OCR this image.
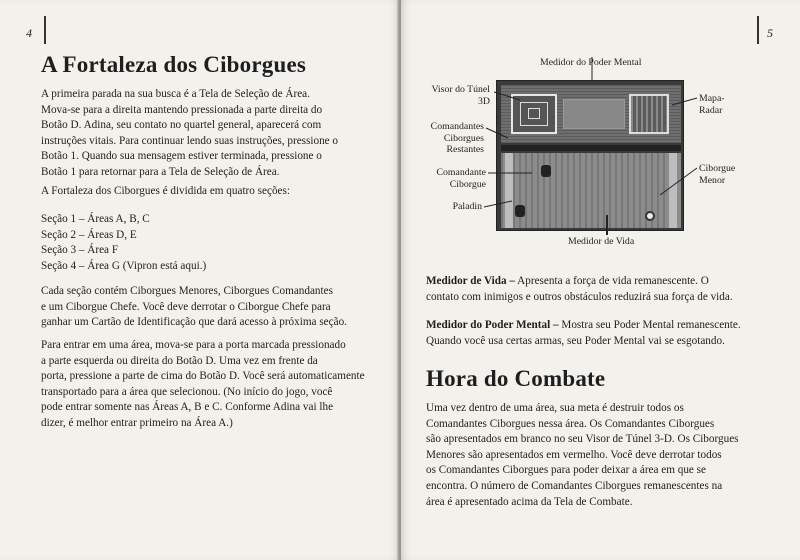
4
A Fortaleza dos Ciborgues

A primeira parada na sua busca é a Tela de Seleção de Área.

Mova-se para a direita mantendo pressionada a parte direita do

Botão D. Adina, seu contato no quartel general, aparecerá com

instruções vitais. Para continuar lendo suas instruções, pressione o

Botão 1. Quando sua mensagem estiver terminada, pressione o

Botão 1 para retornar para a Tela de Seleção de Área.

A Fortaleza dos Ciborgues é dividida em quatro seções:

Seção 1 – Áreas A, B, C

Seção 2 – Áreas D, E

Seção 3 – Área F

Seção 4 – Área G (Vipron está aqui.)

Cada seção contém Ciborgues Menores, Ciborgues Comandantes

e um Ciborgue Chefe. Você deve derrotar o Ciborgue Chefe para

ganhar um Cartão de Identificação que dará acesso à próxima seção.

Para entrar em uma área, mova-se para a porta marcada pressionado

a parte esquerda ou direita do Botão D. Uma vez em frente da

porta, pressione a parte de cima do Botão D. Você será automaticamente

transportado para a área que selecionou. (No início do jogo, você

pode entrar somente nas Áreas A, B e C. Conforme Adina vai lhe

dizer, é melhor entrar primeiro na Área A.)

5
Medidor do Poder Mental
Visor do Túnel
3D
Comandantes
Ciborgues
Restantes
Comandante
Ciborgue
Paladin
Mapa-
Radar
Ciborgue
Menor
Medidor de Vida

Medidor de Vida – Apresenta a força de vida remanescente. O

contato com inimigos e outros obstáculos reduzirá sua força de vida.

Medidor do Poder Mental – Mostra seu Poder Mental remanescente.

Quando você usa certas armas, seu Poder Mental vai se esgotando.

Hora do Combate

Uma vez dentro de uma área, sua meta é destruir todos os

Comandantes Ciborgues nessa área. Os Comandantes Ciborgues

são apresentados em branco no seu Visor de Túnel 3-D. Os Ciborgues

Menores são apresentados em vermelho. Você deve derrotar todos

os Comandantes Ciborgues para poder deixar a área em que se

encontra. O número de Comandantes Ciborgues remanescentes na

área é apresentado acima da Tela de Combate.
